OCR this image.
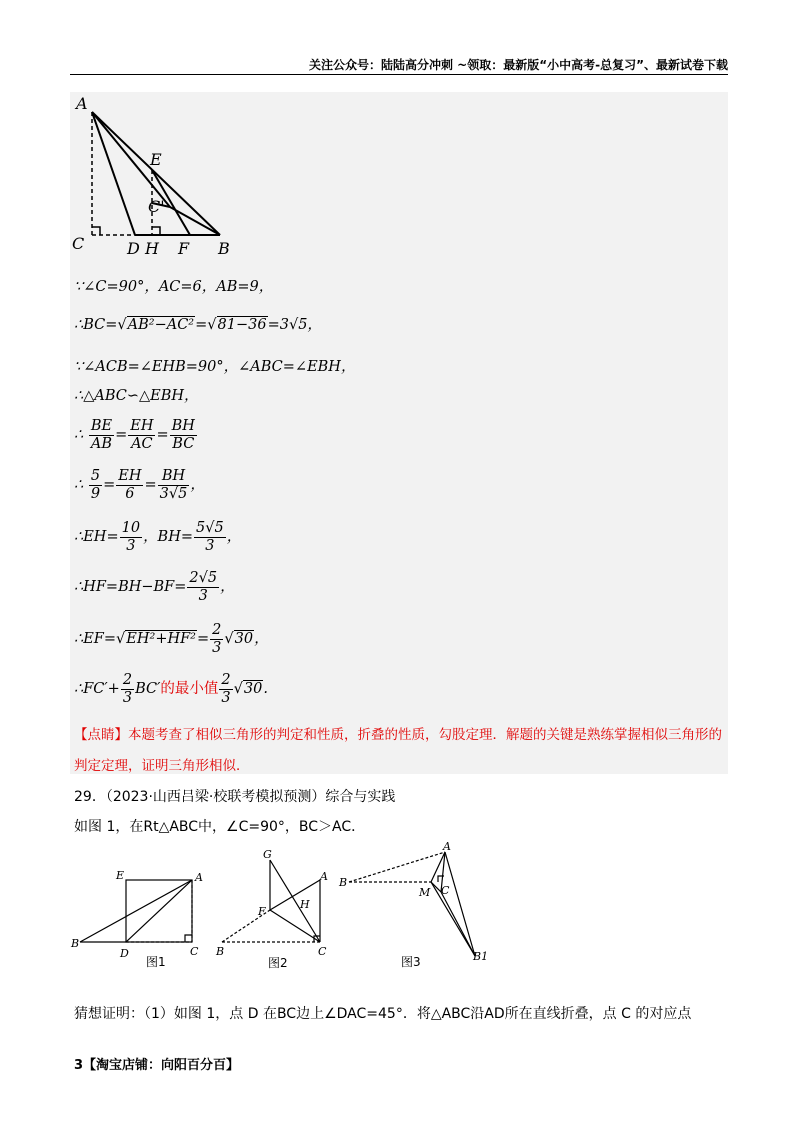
关注公众号：陆陆高分冲刺 ~领取：最新版“小中高考-总复习”、最新试卷下载
A
E
C'
C	D H F B
∵∠C=90°，AC=6，AB=9，
∴BC=√AB²−AC²=√81−36=3√5，
∵∠ACB=∠EHB=90°，∠ABC=∠EBH，
∴△ABC∽△EBH，
∴ $\frac{BE}{AB} = \frac{EH}{AC} = \frac{BH}{BC}$
∴ $\frac{5}{9} = \frac{EH}{6} = \frac{BH}{3√5}$ ，
∴EH= $\frac{10}{3}$ ，$BH= \frac{5√5}{3}$ ，
∴HF=BH−BF= $\frac{2√5}{3}$ ，
∴EF=√EH²+HF²= $\frac{2}{3} √30$，
∴FC′+ $\frac{2}{3} BC'$的最小值 $\frac{2}{3} √30$.
【点睛】本题考查了相似三角形的判定和性质，折叠的性质，勾股定理．解题的关键是熟练掌握相似三角形的判定定理，证明三角形相似．
29．（2023·山西吕梁·校联考模拟预测）综合与实践
如图 1，在Rt△ABC中，∠C=90°，BC＞AC．
E	A
B
D	C
图1
G
A
H
F
B	C
图2
A
B
M C
B1
图3
猜想证明：（1）如图 1，点 D 在BC边上∠DAC=45°．将△ABC沿AD所在直线折叠，点 C 的对应点
3【淘宝店铺：向阳百分百】
